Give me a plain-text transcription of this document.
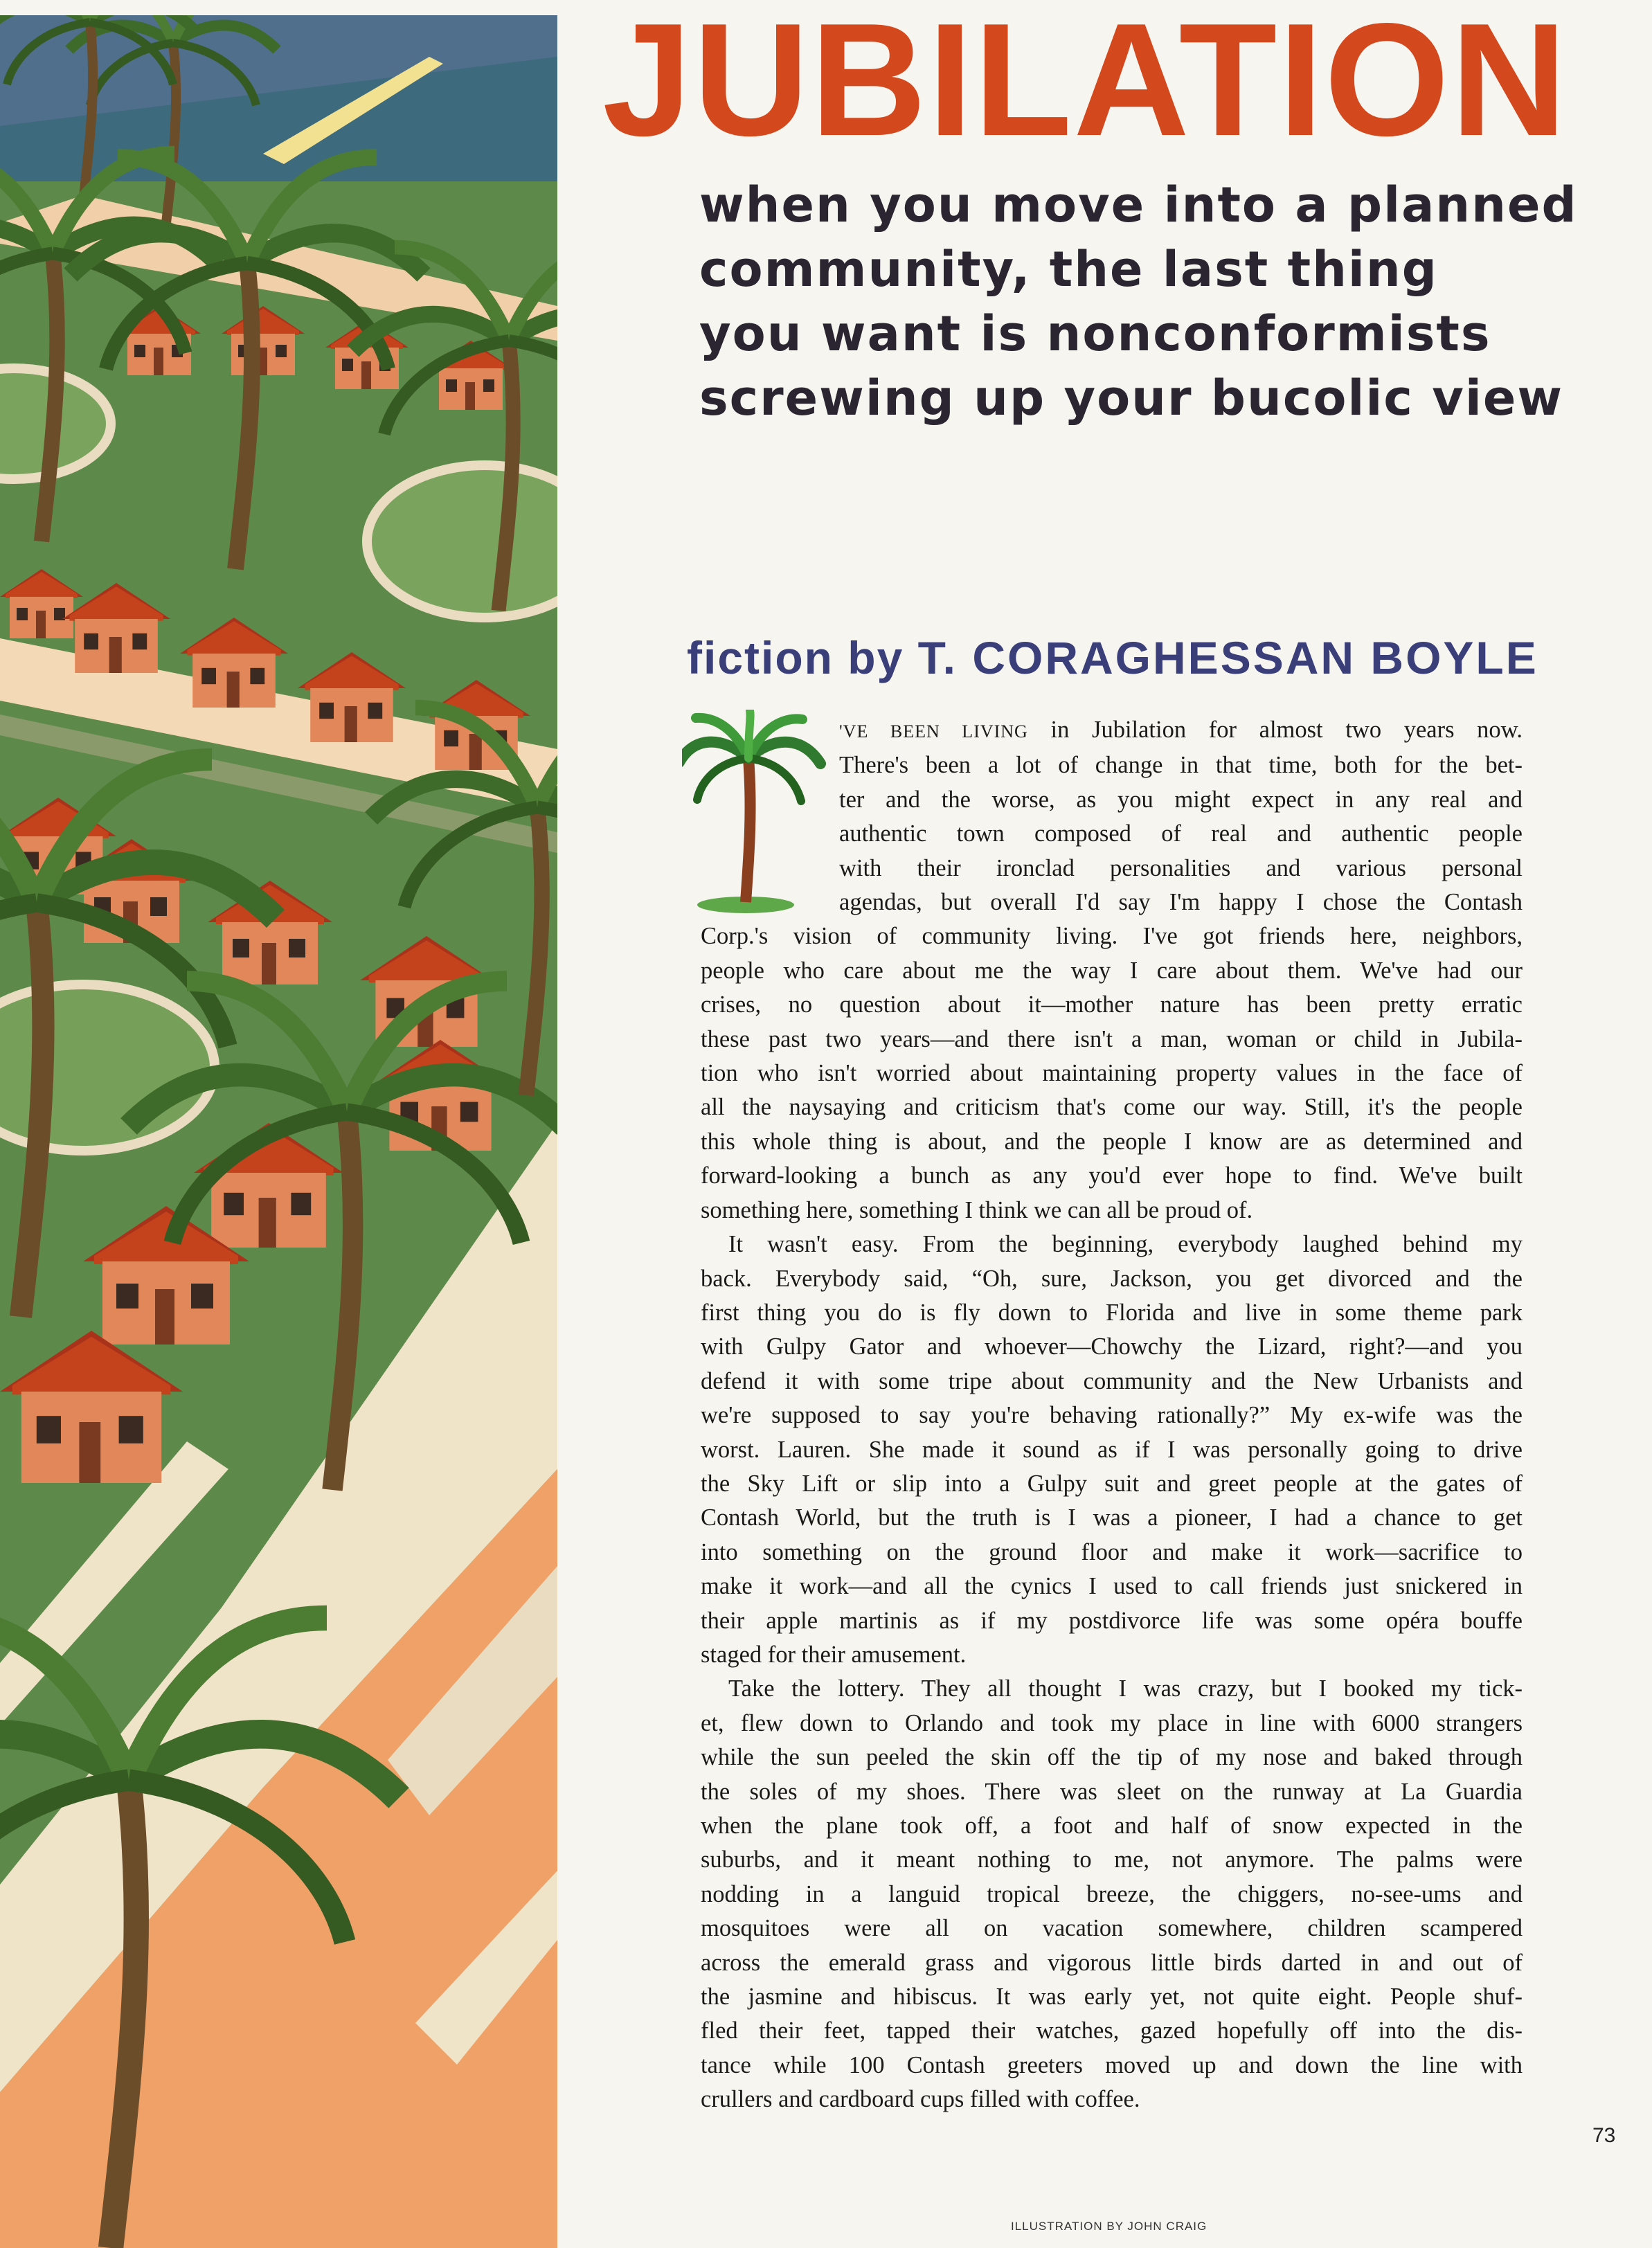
JUBILATION
when you move into a planned
community, the last thing
you want is nonconformists
screwing up your bucolic view
fiction by T. CORAGHESSAN BOYLE

'VE BEEN LIVING in Jubilation for almost two years now.
There's been a lot of change in that time, both for the bet-
ter and the worse, as you might expect in any real and
authentic town composed of real and authentic people
with their ironclad personalities and various personal
agendas, but overall I'd say I'm happy I chose the Contash
Corp.'s vision of community living. I've got friends here, neighbors,
people who care about me the way I care about them. We've had our
crises, no question about it—mother nature has been pretty erratic
these past two years—and there isn't a man, woman or child in Jubila-
tion who isn't worried about maintaining property values in the face of
all the naysaying and criticism that's come our way. Still, it's the people
this whole thing is about, and the people I know are as determined and
forward-looking a bunch as any you'd ever hope to find. We've built
something here, something I think we can all be proud of.

It wasn't easy. From the beginning, everybody laughed behind my
back. Everybody said, “Oh, sure, Jackson, you get divorced and the
first thing you do is fly down to Florida and live in some theme park
with Gulpy Gator and whoever—Chowchy the Lizard, right?—and you
defend it with some tripe about community and the New Urbanists and
we're supposed to say you're behaving rationally?” My ex-wife was the
worst. Lauren. She made it sound as if I was personally going to drive
the Sky Lift or slip into a Gulpy suit and greet people at the gates of
Contash World, but the truth is I was a pioneer, I had a chance to get
into something on the ground floor and make it work—sacrifice to
make it work—and all the cynics I used to call friends just snickered in
their apple martinis as if my postdivorce life was some opéra bouffe
staged for their amusement.

Take the lottery. They all thought I was crazy, but I booked my tick-
et, flew down to Orlando and took my place in line with 6000 strangers
while the sun peeled the skin off the tip of my nose and baked through
the soles of my shoes. There was sleet on the runway at La Guardia
when the plane took off, a foot and half of snow expected in the
suburbs, and it meant nothing to me, not anymore. The palms were
nodding in a languid tropical breeze, the chiggers, no-see-ums and
mosquitoes were all on vacation somewhere, children scampered
across the emerald grass and vigorous little birds darted in and out of
the jasmine and hibiscus. It was early yet, not quite eight. People shuf-
fled their feet, tapped their watches, gazed hopefully off into the dis-
tance while 100 Contash greeters moved up and down the line with
crullers and cardboard cups filled with coffee.

73
ILLUSTRATION BY JOHN CRAIG
